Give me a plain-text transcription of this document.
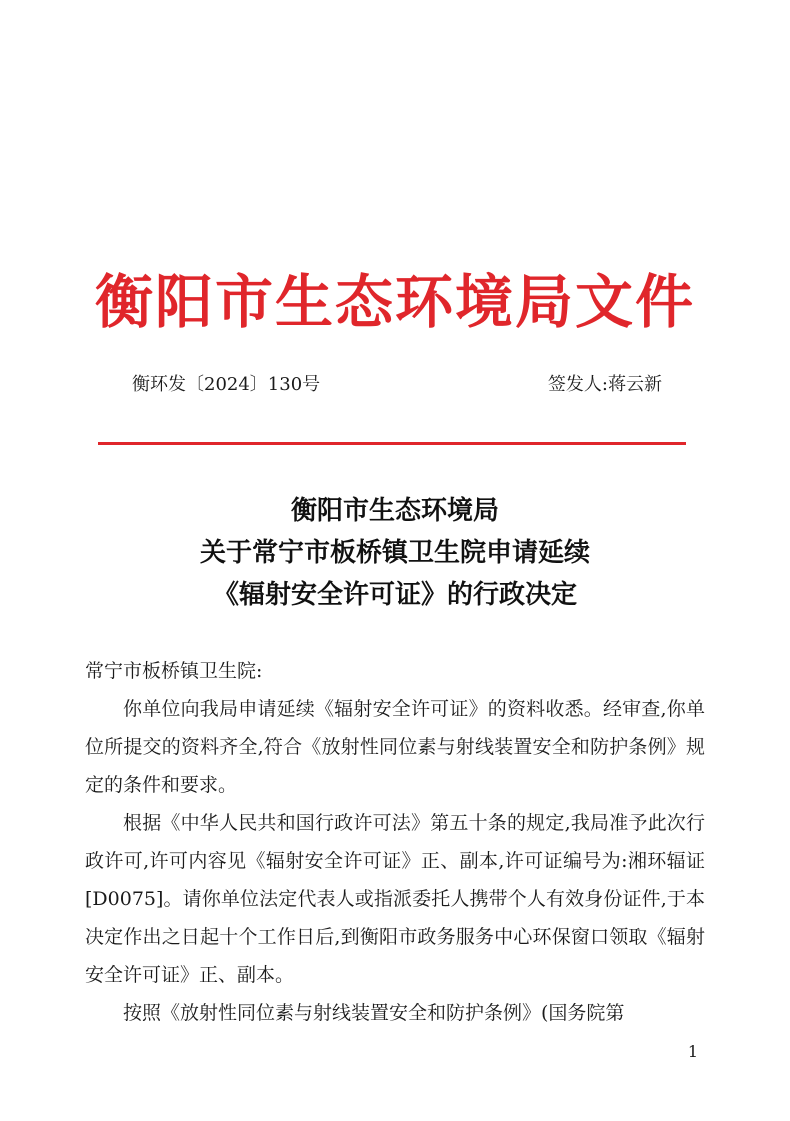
衡阳市生态环境局文件
衡环发〔2024〕130号	签发人:蒋云新
衡阳市生态环境局
关于常宁市板桥镇卫生院申请延续
《辐射安全许可证》的行政决定

常宁市板桥镇卫生院:

你单位向我局申请延续《辐射安全许可证》的资料收悉。经审查,你单位所提交的资料齐全,符合《放射性同位素与射线装置安全和防护条例》规定的条件和要求。

根据《中华人民共和国行政许可法》第五十条的规定,我局准予此次行政许可,许可内容见《辐射安全许可证》正、副本,许可证编号为:湘环辐证[D0075]。请你单位法定代表人或指派委托人携带个人有效身份证件,于本决定作出之日起十个工作日后,到衡阳市政务服务中心环保窗口领取《辐射安全许可证》正、副本。

按照《放射性同位素与射线装置安全和防护条例》(国务院第

1
